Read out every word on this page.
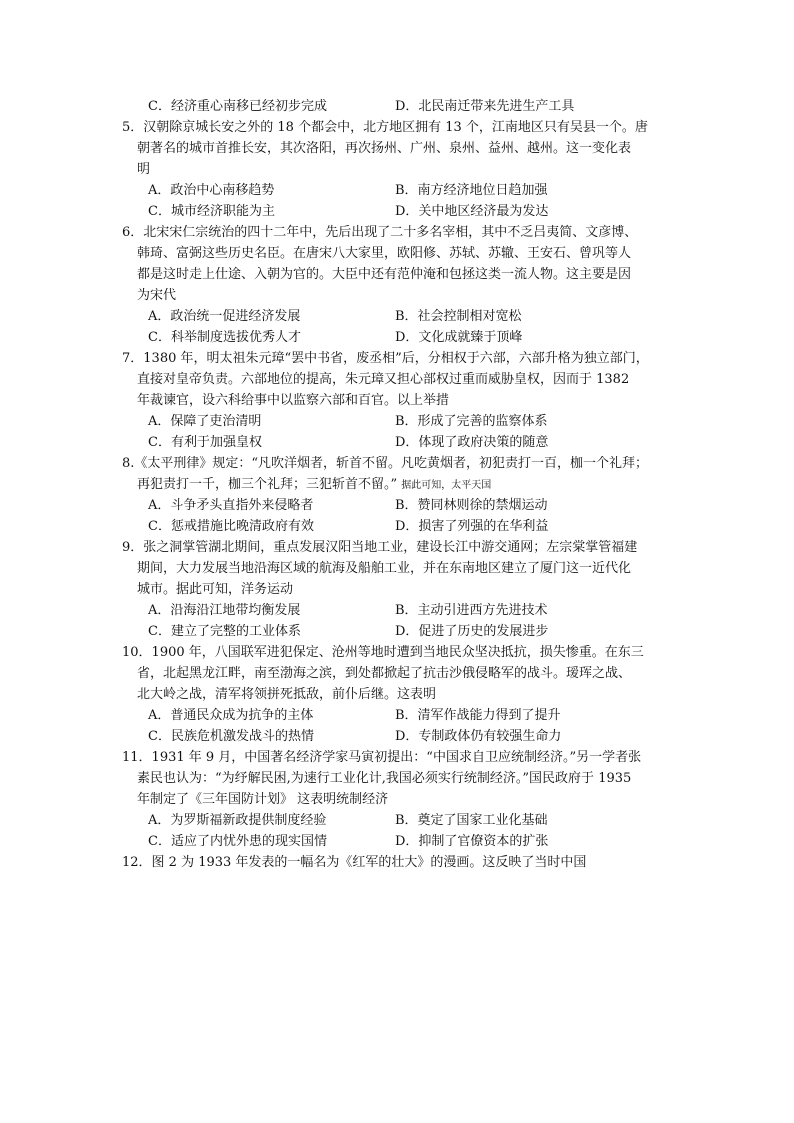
C．经济重心南移已经初步完成	D．北民南迁带来先进生产工具
5．汉朝除京城长安之外的 18 个都会中，北方地区拥有 13 个，江南地区只有吴县一个。唐
朝著名的城市首推长安，其次洛阳，再次扬州、广州、泉州、益州、越州。这一变化表
明
A．政治中心南移趋势	B．南方经济地位日趋加强
C．城市经济职能为主	D．关中地区经济最为发达
6．北宋宋仁宗统治的四十二年中，先后出现了二十多名宰相，其中不乏吕夷简、文彦博、
韩琦、富弼这些历史名臣。在唐宋八大家里，欧阳修、苏轼、苏辙、王安石、曾巩等人
都是这时走上仕途、入朝为官的。大臣中还有范仲淹和包拯这类一流人物。这主要是因
为宋代
A．政治统一促进经济发展	B．社会控制相对宽松
C．科举制度选拔优秀人才	D．文化成就臻于顶峰
7．1380 年，明太祖朱元璋“罢中书省，废丞相”后，分相权于六部，六部升格为独立部门，
直接对皇帝负责。六部地位的提高，朱元璋又担心部权过重而威胁皇权，因而于 1382
年裁谏官，设六科给事中以监察六部和百官。以上举措
A．保障了吏治清明	B．形成了完善的监察体系
C．有利于加强皇权	D．体现了政府决策的随意
8.《太平刑律》规定：“凡吹洋烟者，斩首不留。凡吃黄烟者，初犯责打一百，枷一个礼拜；
再犯责打一千，枷三个礼拜；三犯斩首不留。” 据此可知，太平天国
A．斗争矛头直指外来侵略者	B．赞同林则徐的禁烟运动
C．惩戒措施比晚清政府有效	D．损害了列强的在华利益
9．张之洞掌管湖北期间，重点发展汉阳当地工业，建设长江中游交通网；左宗棠掌管福建
期间，大力发展当地沿海区域的航海及船舶工业，并在东南地区建立了厦门这一近代化
城市。据此可知，洋务运动
A．沿海沿江地带均衡发展	B．主动引进西方先进技术
C．建立了完整的工业体系	D．促进了历史的发展进步
10．1900 年，八国联军进犯保定、沧州等地时遭到当地民众坚决抵抗，损失惨重。在东三
省，北起黑龙江畔，南至渤海之滨，到处都掀起了抗击沙俄侵略军的战斗。瑷珲之战、
北大岭之战，清军将领拼死抵敌，前仆后继。这表明
A．普通民众成为抗争的主体	B．清军作战能力得到了提升
C．民族危机激发战斗的热情	D．专制政体仍有较强生命力
11．1931 年 9 月，中国著名经济学家马寅初提出：“中国求自卫应统制经济。”另一学者张
素民也认为：“为纾解民困,为速行工业化计,我国必须实行统制经济。”国民政府于 1935
年制定了《三年国防计划》 这表明统制经济
A．为罗斯福新政提供制度经验	B．奠定了国家工业化基础
C．适应了内忧外患的现实国情	D．抑制了官僚资本的扩张
12．图 2 为 1933 年发表的一幅名为《红军的壮大》的漫画。这反映了当时中国
